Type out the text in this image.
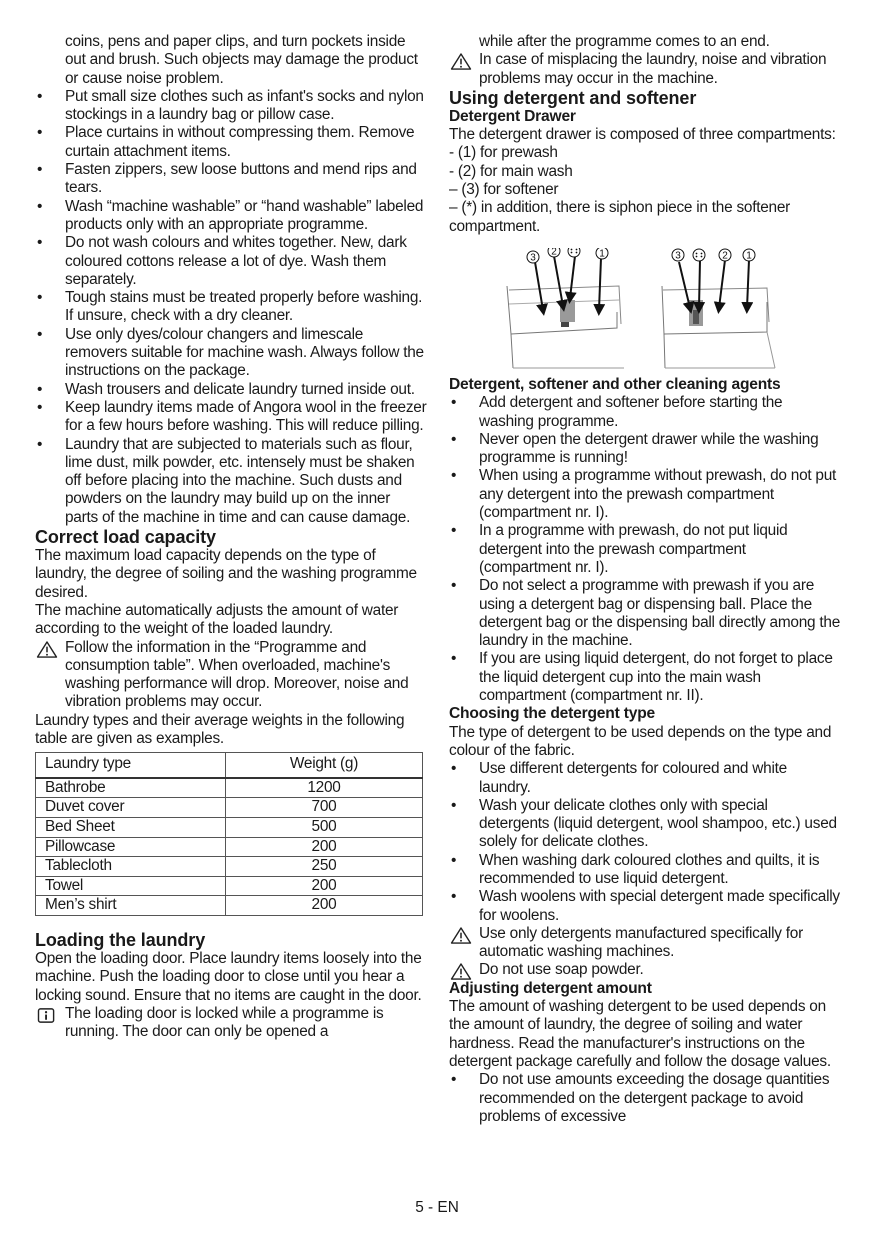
coins, pens and paper clips, and turn pockets inside out and brush. Such objects may damage the product or cause noise problem.

• Put small size clothes such as infant's socks and nylon stockings in a laundry bag or pillow case.
• Place curtains in without compressing them. Remove curtain attachment items.
• Fasten zippers, sew loose buttons and mend rips and tears.
• Wash “machine washable” or “hand washable” labeled products only with an appropriate programme.
• Do not wash colours and whites together. New, dark coloured cottons release a lot of dye. Wash them separately.
• Tough stains must be treated properly before washing. If unsure, check with a dry cleaner.
• Use only dyes/colour changers and limescale removers suitable for machine wash. Always follow the instructions on the package.
• Wash trousers and delicate laundry turned inside out.
• Keep laundry items made of Angora wool in the freezer for a few hours before washing. This will reduce pilling.
• Laundry that are subjected to materials such as flour, lime dust, milk powder, etc. intensely must be shaken off before placing into the machine. Such dusts and powders on the laundry may build up on the inner parts of the machine in time and can cause damage.
Correct load capacity

The maximum load capacity depends on the type of laundry, the degree of soiling and the washing programme desired.

The machine automatically adjusts the amount of water according to the weight of the loaded laundry.

Follow the information in the “Programme and consumption table”. When overloaded, machine's washing performance will drop. Moreover, noise and vibration problems may occur.

Laundry types and their average weights in the following table are given as examples.

Laundry type	Weight (g)
Bathrobe	1200
Duvet cover	700
Bed Sheet	500
Pillowcase	200
Tablecloth	250
Towel	200
Men’s shirt	200
Loading the laundry

Open the loading door. Place laundry items loosely into the machine. Push the loading door to close until you hear a locking sound. Ensure that no items are caught in the door.

The loading door is locked while a programme is running. The door can only be opened a

while after the programme comes to an end.

In case of misplacing the laundry, noise and vibration problems may occur in the machine.
Using detergent and softener
Detergent Drawer

The detergent drawer is composed of three compartments:

- (1) for prewash

- (2) for main wash

– (3) for softener

– (*) in addition, there is siphon piece in the softener compartment.

3
2	1	3	2 1
Detergent, softener and other cleaning agents
• Add detergent and softener before starting the washing programme.
• Never open the detergent drawer while the washing programme is running!
• When using a programme without prewash, do not put any detergent into the prewash compartment (compartment nr. I).
• In a programme with prewash, do not put liquid detergent into the prewash compartment (compartment nr. I).
• Do not select a programme with prewash if you are using a detergent bag or dispensing ball. Place the detergent bag or the dispensing ball directly among the laundry in the machine.
• If you are using liquid detergent, do not forget to place the liquid detergent cup into the main wash compartment (compartment nr. II).
Choosing the detergent type

The type of detergent to be used depends on the type and colour of the fabric.

• Use different detergents for coloured and white laundry.
• Wash your delicate clothes only with special detergents (liquid detergent, wool shampoo, etc.) used solely for delicate clothes.
• When washing dark coloured clothes and quilts, it is recommended to use liquid detergent.
• Wash woolens with special detergent made specifically for woolens.
Use only detergents manufactured specifically for automatic washing machines.
Do not use soap powder.
Adjusting detergent amount

The amount of washing detergent to be used depends on the amount of laundry, the degree of soiling and water hardness. Read the manufacturer's instructions on the detergent package carefully and follow the dosage values.

• Do not use amounts exceeding the dosage quantities recommended on the detergent package to avoid problems of excessive
5 - EN
